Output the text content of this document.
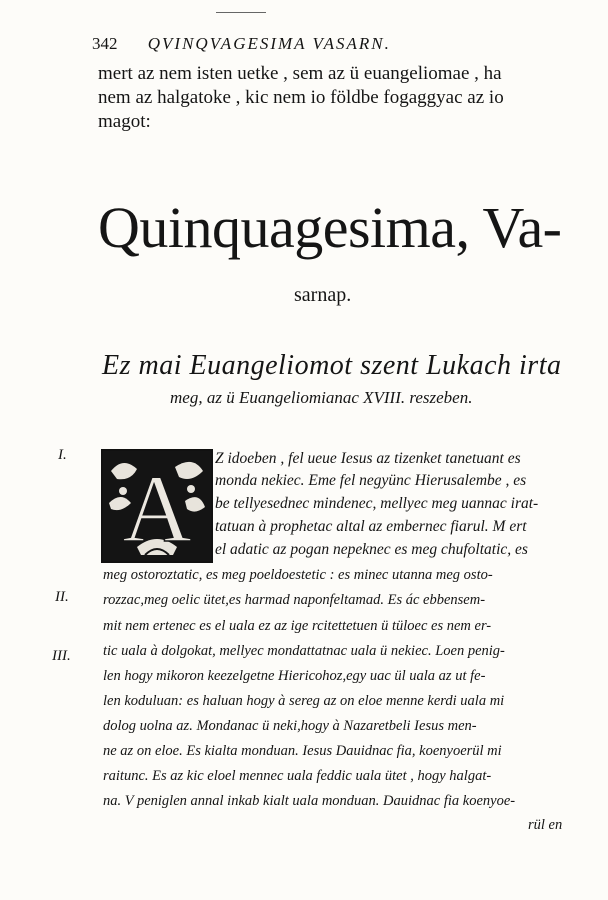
342 QVINQVAGESIMA VASARN.
mert az nem isten uetke , sem az ü euangeliomae , ha
nem az halgatoke , kic nem io földbe fogaggyac az io
magot:
Quinquagesima, Va-
sarnap.
Ez mai Euangeliomot szent Lukach irta
meg, az ü Euangeliomianac XVIII. reszeben.
I.
II.
III.
A Z idoeben , fel ueue Iesus az tizenket tanetuant es
monda nekiec. Eme fel negyünc Hierusalembe , es
be tellyesednec mindenec, mellyec meg uannac irat-
tatuan à prophetac altal az embernec fiarul. M ert
el adatic az pogan nepeknec es meg chufoltatic, es
meg ostoroztatic, es meg poeldoestetic : es minec utanna meg osto-
rozzac,meg oelic ütet,es harmad naponfeltamad. Es ác ebbensem-
mit nem ertenec es el uala ez az ige rcitettetuen ü tüloec es nem er-
tic uala à dolgokat, mellyec mondattatnac uala ü nekiec. Loen penig-
len hogy mikoron keezelgetne Hiericohoz,egy uac ül uala az ut fe-
len koduluan: es haluan hogy à sereg az on eloe menne kerdi uala mi
dolog uolna az. Mondanac ü neki,hogy à Nazaretbeli Iesus men-
ne az on eloe. Es kialta monduan. Iesus Dauidnac fia, koenyoerül mi
raitunc. Es az kic eloel mennec uala feddic uala ütet , hogy halgat-
na. V peniglen annal inkab kialt uala monduan. Dauidnac fia koenyoe-
rül en
